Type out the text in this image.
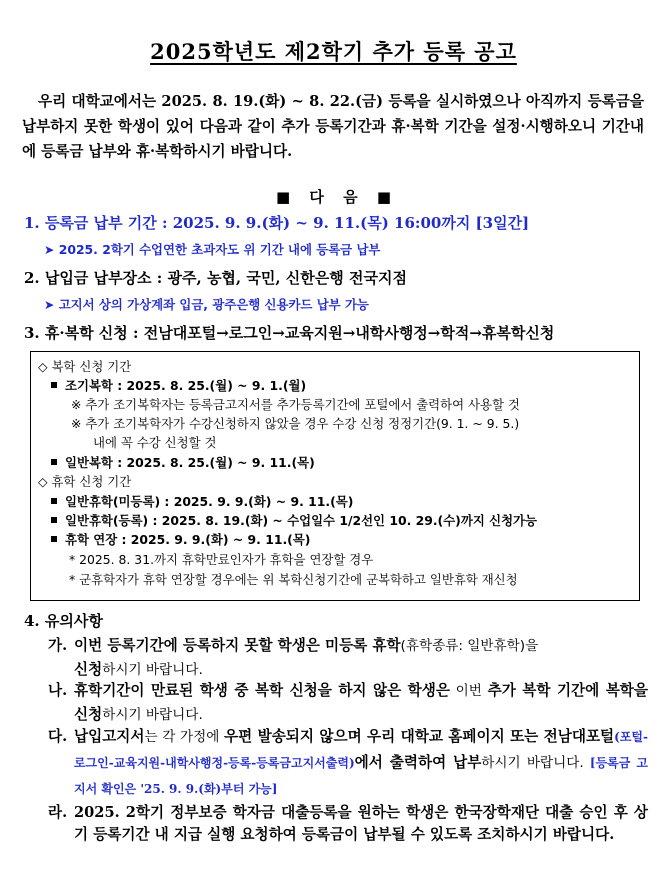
2025학년도 제2학기 추가 등록 공고

우리 대학교에서는 2025. 8. 19.(화) ~ 8. 22.(금) 등록을 실시하였으나 아직까지 등록금을 납부하지 못한 학생이 있어 다음과 같이 추가 등록기간과 휴·복학 기간을 설정·시행하오니 기간내에 등록금 납부와 휴·복학하시기 바랍니다.

■ 다 음 ■
1. 등록금 납부 기간 : 2025. 9. 9.(화) ~ 9. 11.(목) 16:00까지 [3일간]
➤ 2025. 2학기 수업연한 초과자도 위 기간 내에 등록금 납부
2. 납입금 납부장소 : 광주, 농협, 국민, 신한은행 전국지점
➤ 고지서 상의 가상계좌 입금, 광주은행 신용카드 납부 가능
3. 휴·복학 신청 : 전남대포털→로그인→교육지원→내학사행정→학적→휴복학신청
◇ 복학 신청 기간
조기복학 : 2025. 8. 25.(월) ~ 9. 1.(월)
※ 추가 조기복학자는 등록금고지서를 추가등록기간에 포털에서 출력하여 사용할 것
※ 추가 조기복학자가 수강신청하지 않았을 경우 수강 신청 정정기간(9. 1. ~ 9. 5.)
내에 꼭 수강 신청할 것
일반복학 : 2025. 8. 25.(월) ~ 9. 11.(목)
◇ 휴학 신청 기간
일반휴학(미등록) : 2025. 9. 9.(화) ~ 9. 11.(목)
일반휴학(등록) : 2025. 8. 19.(화) ~ 수업일수 1/2선인 10. 29.(수)까지 신청가능
휴학 연장 : 2025. 9. 9.(화) ~ 9. 11.(목)
* 2025. 8. 31.까지 휴학만료인자가 휴학을 연장할 경우
* 군휴학자가 휴학 연장할 경우에는 위 복학신청기간에 군복학하고 일반휴학 재신청
4. 유의사항
가. 이번 등록기간에 등록하지 못할 학생은 미등록 휴학(휴학종류: 일반휴학)을
신청하시기 바랍니다.
나. 휴학기간이 만료된 학생 중 복학 신청을 하지 않은 학생은 이번 추가 복학 기간에 복학을 신청하시기 바랍니다.
다. 납입고지서는 각 가정에 우편 발송되지 않으며 우리 대학교 홈페이지 또는 전남대포털(포털-로그인-교육지원-내학사행정-등록-등록금고지서출력)에서 출력하여 납부하시기 바랍니다. [등록금 고지서 확인은 '25. 9. 9.(화)부터 가능]
라. 2025. 2학기 정부보증 학자금 대출등록을 원하는 학생은 한국장학재단 대출 승인 후 상기 등록기간 내 지급 실행 요청하여 등록금이 납부될 수 있도록 조치하시기 바랍니다.
